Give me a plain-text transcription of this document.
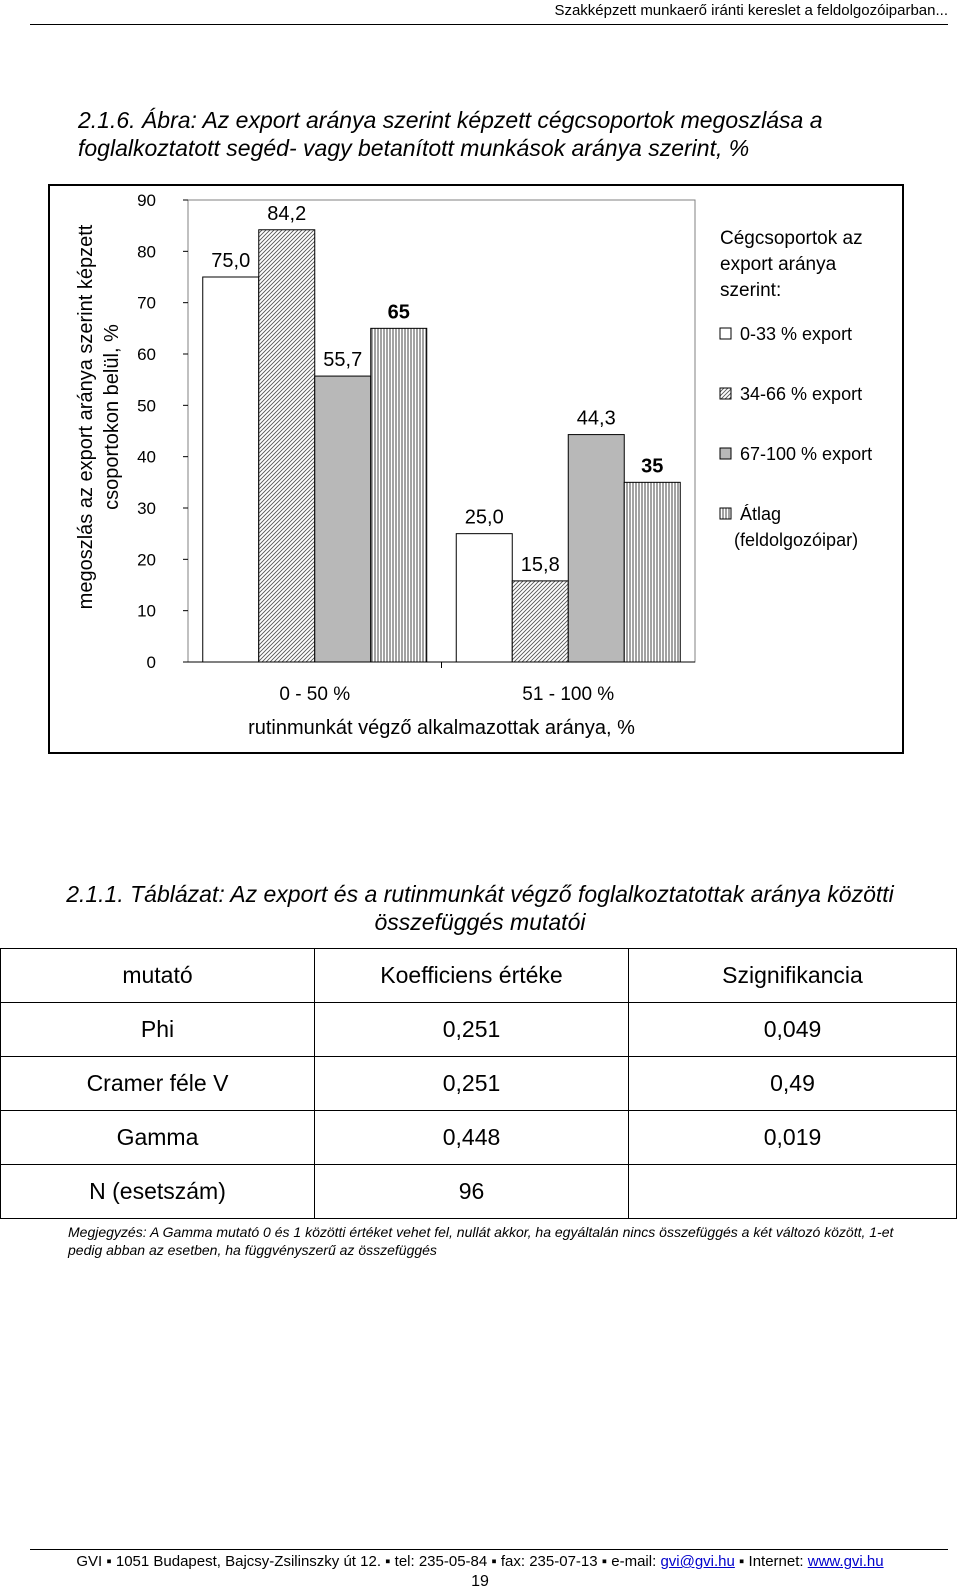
Szakképzett munkaerő iránti kereslet a feldolgozóiparban...
2.1.6. Ábra: Az export aránya szerint képzett cégcsoportok megoszlása a
foglalkoztatott segéd- vagy betanított munkások aránya szerint, %
0
10
20
30
40
50
60
70
80
90
megoszlás az export aránya szerint képzett csoportokon belül, %
75,0
84,2
55,7
65
0 - 50 %
25,0
15,8
44,3
35
51 - 100 %
rutinmunkát végző alkalmazottak aránya, %
Cégcsoportok az
export aránya
szerint:
0-33 % export
34-66 % export
67-100 % export
Átlag
(feldolgozóipar)
2.1.1. Táblázat: Az export és a rutinmunkát végző foglalkoztatottak aránya közötti
összefüggés mutatói
mutató	Koefficiens értéke	Szignifikancia
Phi	0,251	0,049
Cramer féle V	0,251	0,49
Gamma	0,448	0,019
N (esetszám)	96	
Megjegyzés: A Gamma mutató 0 és 1 közötti értéket vehet fel, nullát akkor, ha egyáltalán nincs összefüggés a két változó között, 1-et pedig abban az esetben, ha függvényszerű az összefüggés
GVI ▪ 1051 Budapest, Bajcsy-Zsilinszky út 12. ▪ tel: 235-05-84 ▪ fax: 235-07-13 ▪ e-mail: gvi@gvi.hu ▪ Internet: www.gvi.hu
19
